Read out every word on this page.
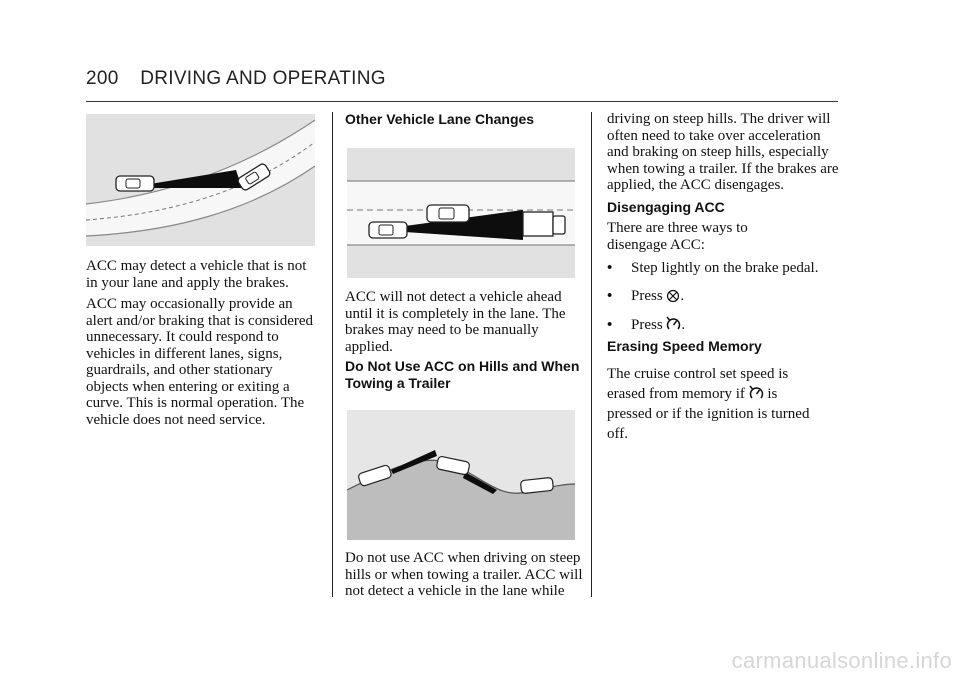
200 DRIVING AND OPERATING

ACC may detect a vehicle that is not in your lane and apply the brakes.

ACC may occasionally provide an alert and/or braking that is considered unnecessary. It could respond to vehicles in different lanes, signs, guardrails, and other stationary objects when entering or exiting a curve. This is normal operation. The vehicle does not need service.

Other Vehicle Lane Changes

ACC will not detect a vehicle ahead until it is completely in the lane. The brakes may need to be manually applied.

Do Not Use ACC on Hills and When Towing a Trailer

Do not use ACC when driving on steep hills or when towing a trailer. ACC will not detect a vehicle in the lane while

driving on steep hills. The driver will often need to take over acceleration and braking on steep hills, especially when towing a trailer. If the brakes are applied, the ACC disengages.

Disengaging ACC

There are three ways to disengage ACC:

• Step lightly on the brake pedal.

• Press .

• Press .

Erasing Speed Memory

The cruise control set speed is erased from memory if is pressed or if the ignition is turned off.

carmanualsonline.info
